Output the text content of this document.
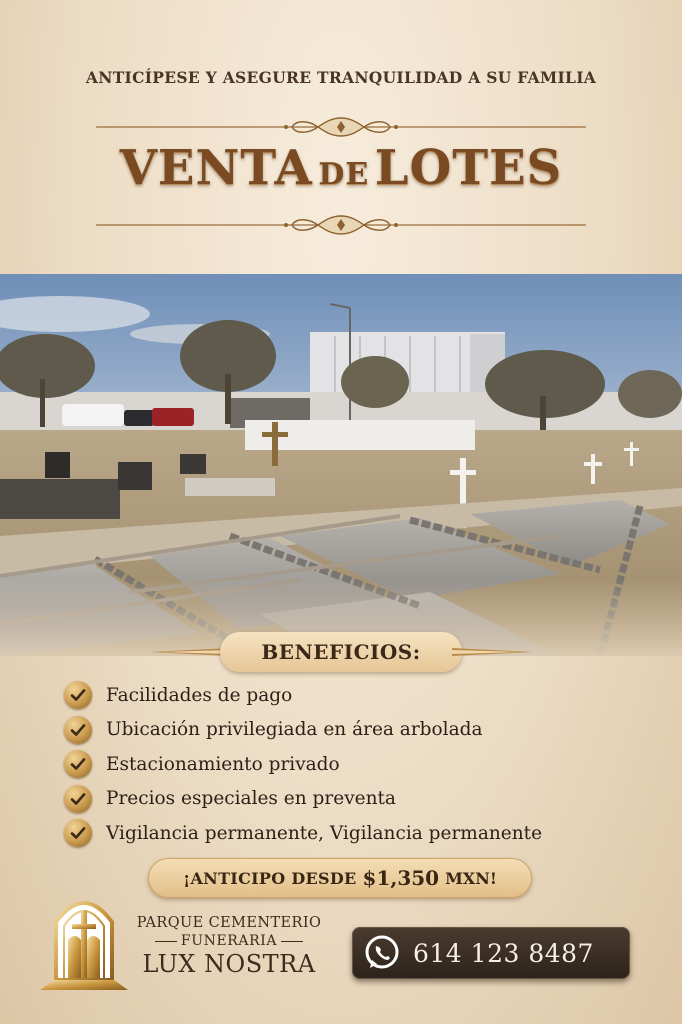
ANTICÍPESE Y ASEGURE TRANQUILIDAD A SU FAMILIA
VENTA DE LOTES
BENEFICIOS:
Facilidades de pago
Ubicación privilegiada en área arbolada
Estacionamiento privado
Precios especiales en preventa
Vigilancia permanente, Vigilancia permanente
¡ANTICIPO DESDE $1,350 MXN!
PARQUE CEMENTERIO
FUNERARIA
LUX NOSTRA	614 123 8487
